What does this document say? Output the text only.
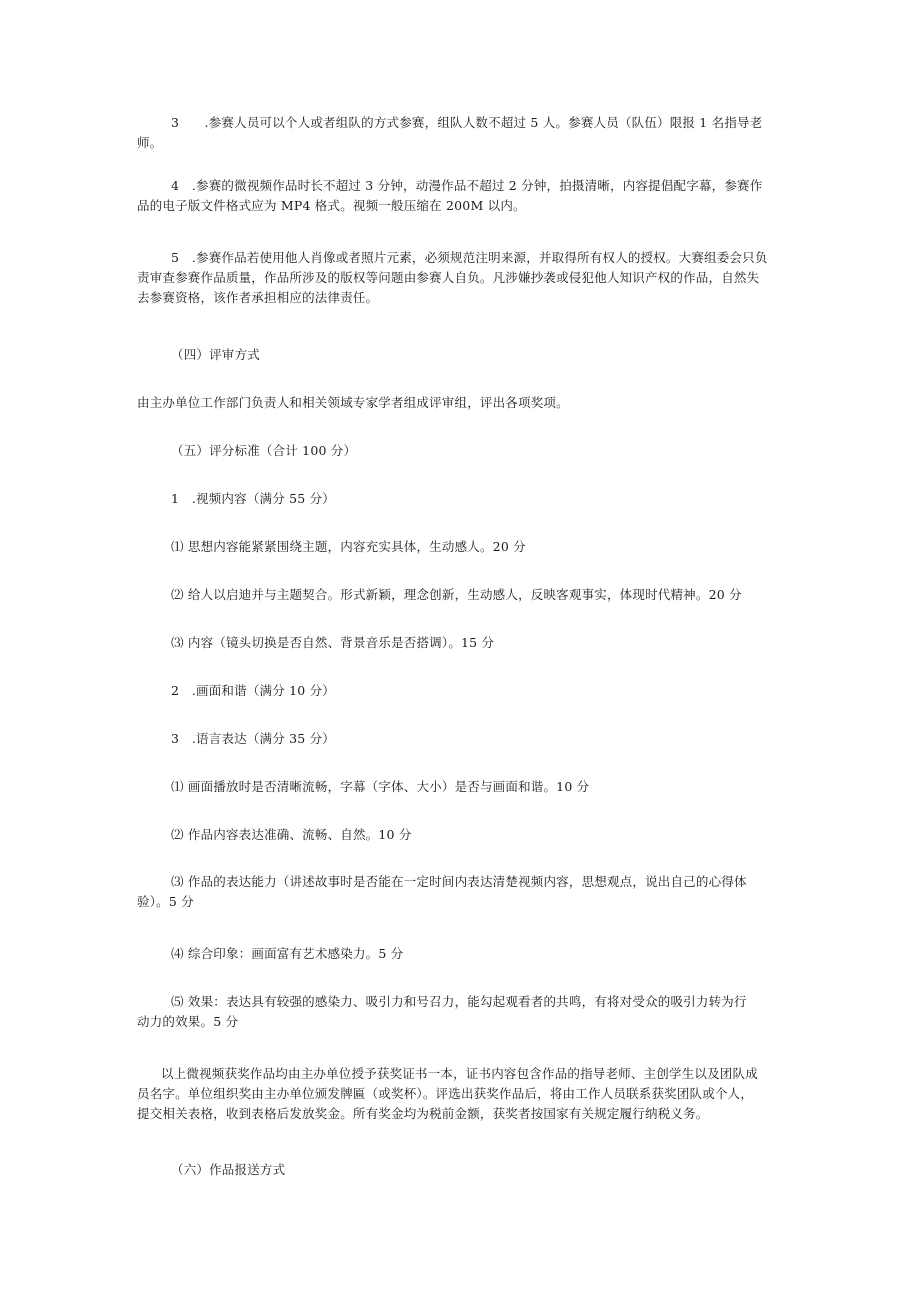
3　　.参赛人员可以个人或者组队的方式参赛，组队人数不超过 5 人。参赛人员（队伍）限报 1 名指导老
师。
4　.参赛的微视频作品时长不超过 3 分钟，动漫作品不超过 2 分钟，拍摄清晰，内容提倡配字幕，参赛作
品的电子版文件格式应为 MP4 格式。视频一般压缩在 200M 以内。
5　.参赛作品若使用他人肖像或者照片元素，必须规范注明来源，并取得所有权人的授权。大赛组委会只负
责审查参赛作品质量，作品所涉及的版权等问题由参赛人自负。凡涉嫌抄袭或侵犯他人知识产权的作品，自然失
去参赛资格，该作者承担相应的法律责任。
（四）评审方式
由主办单位工作部门负责人和相关领域专家学者组成评审组，评出各项奖项。
（五）评分标准（合计 100 分）
1　.视频内容（满分 55 分）
⑴ 思想内容能紧紧围绕主题，内容充实具体，生动感人。20 分
⑵ 给人以启迪并与主题契合。形式新颖，理念创新，生动感人，反映客观事实，体现时代精神。20 分
⑶ 内容（镜头切换是否自然、背景音乐是否搭调）。15 分
2　.画面和谐（满分 10 分）
3　.语言表达（满分 35 分）
⑴ 画面播放时是否清晰流畅，字幕（字体、大小）是否与画面和谐。10 分
⑵ 作品内容表达准确、流畅、自然。10 分
⑶ 作品的表达能力（讲述故事时是否能在一定时间内表达清楚视频内容，思想观点，说出自己的心得体
验）。5 分
⑷ 综合印象：画面富有艺术感染力。5 分
⑸ 效果：表达具有较强的感染力、吸引力和号召力，能勾起观看者的共鸣，有将对受众的吸引力转为行
动力的效果。5 分
以上微视频获奖作品均由主办单位授予获奖证书一本，证书内容包含作品的指导老师、主创学生以及团队成
员名字。单位组织奖由主办单位颁发牌匾（或奖杯）。评选出获奖作品后，将由工作人员联系获奖团队或个人，
提交相关表格，收到表格后发放奖金。所有奖金均为税前金额，获奖者按国家有关规定履行纳税义务。
（六）作品报送方式
